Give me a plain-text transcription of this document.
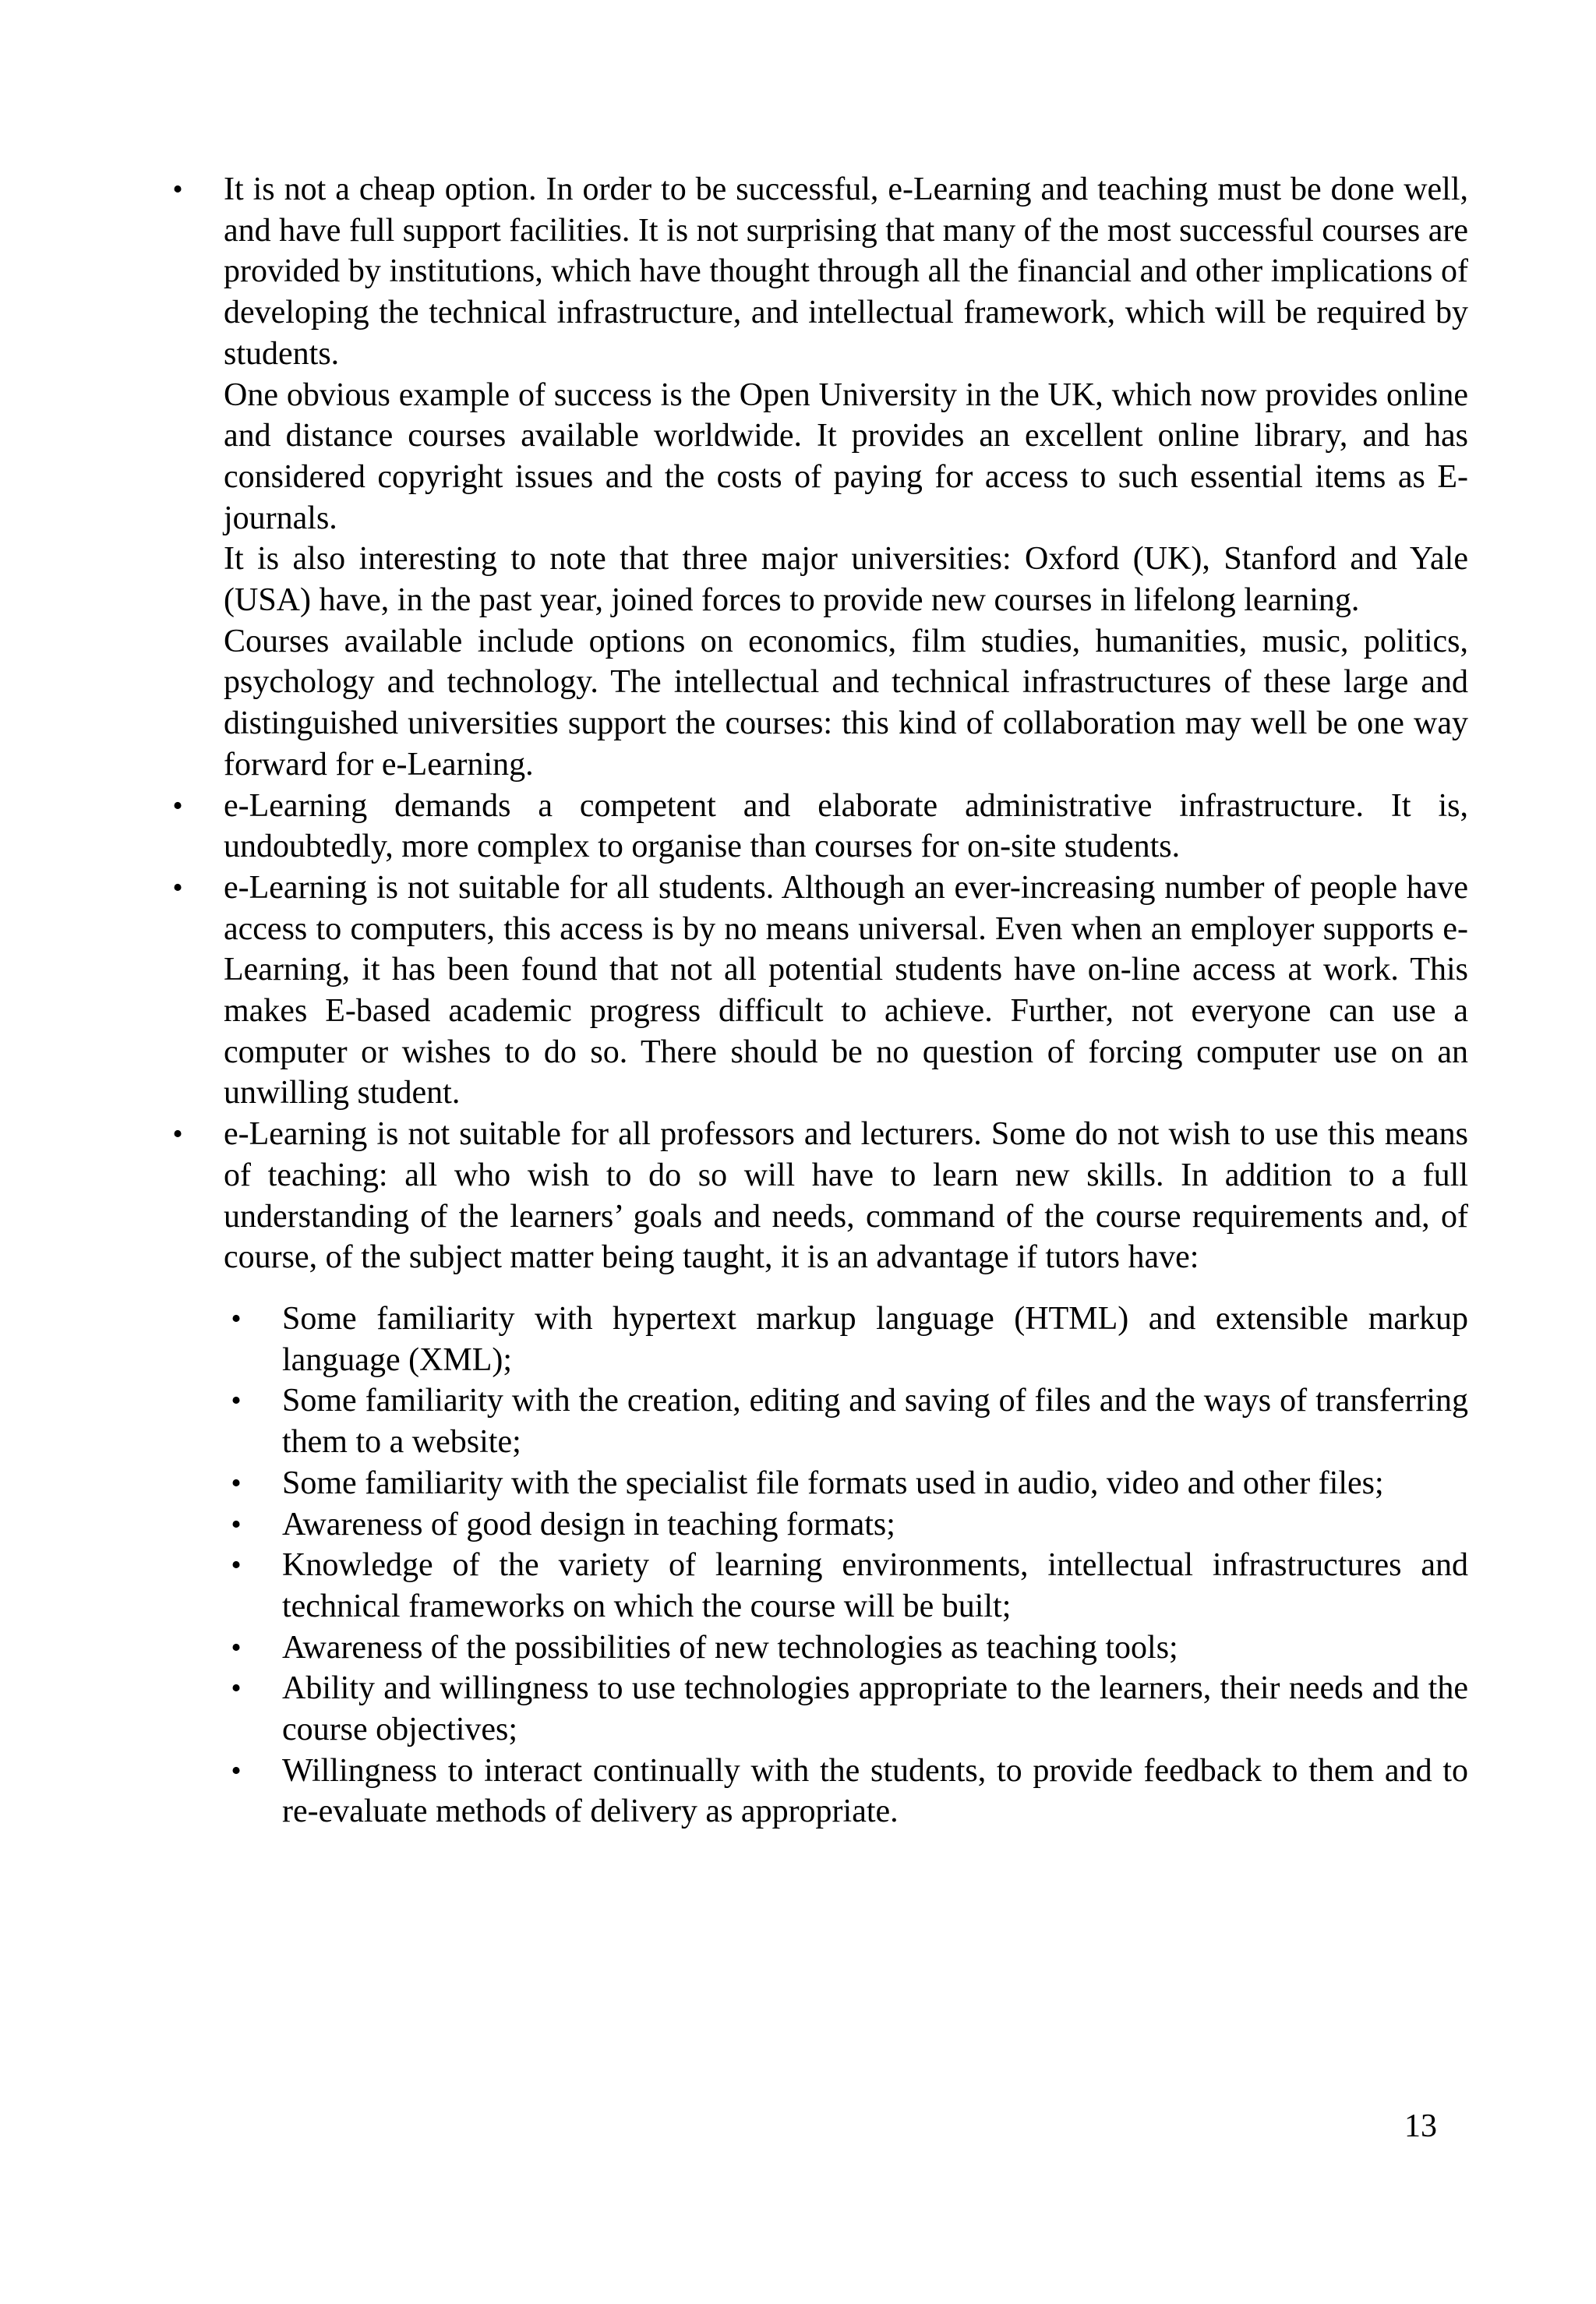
• It is not a cheap option. In order to be successful, e-Learning and teaching must be done well, and have full support facilities. It is not surprising that many of the most successful courses are provided by institutions, which have thought through all the financial and other implications of developing the technical infrastructure, and intellectual framework, which will be required by students.

One obvious example of success is the Open University in the UK, which now provides online and distance courses available worldwide. It provides an excellent online library, and has considered copyright issues and the costs of paying for access to such essential items as E-journals.

It is also interesting to note that three major universities: Oxford (UK), Stanford and Yale (USA) have, in the past year, joined forces to provide new courses in lifelong learning.

Courses available include options on economics, film studies, humanities, music, politics, psychology and technology. The intellectual and technical infrastructures of these large and distinguished universities support the courses: this kind of collaboration may well be one way forward for e-Learning.

• e-Learning demands a competent and elaborate administrative infrastructure. It is, undoubtedly, more complex to organise than courses for on-site students.

• e-Learning is not suitable for all students. Although an ever-increasing number of people have access to computers, this access is by no means universal. Even when an employer supports e-Learning, it has been found that not all potential students have on-line access at work. This makes E-based academic progress difficult to achieve. Further, not everyone can use a computer or wishes to do so. There should be no question of forcing computer use on an unwilling student.

• e-Learning is not suitable for all professors and lecturers. Some do not wish to use this means of teaching: all who wish to do so will have to learn new skills. In addition to a full understanding of the learners’ goals and needs, command of the course requirements and, of course, of the subject matter being taught, it is an advantage if tutors have:

• Some familiarity with hypertext markup language (HTML) and extensible markup language (XML);
• Some familiarity with the creation, editing and saving of files and the ways of transferring them to a website;
• Some familiarity with the specialist file formats used in audio, video and other files;
• Awareness of good design in teaching formats;
• Knowledge of the variety of learning environments, intellectual infrastructures and technical frameworks on which the course will be built;
• Awareness of the possibilities of new technologies as teaching tools;
• Ability and willingness to use technologies appropriate to the learners, their needs and the course objectives;
• Willingness to interact continually with the students, to provide feedback to them and to re-evaluate methods of delivery as appropriate.
13
